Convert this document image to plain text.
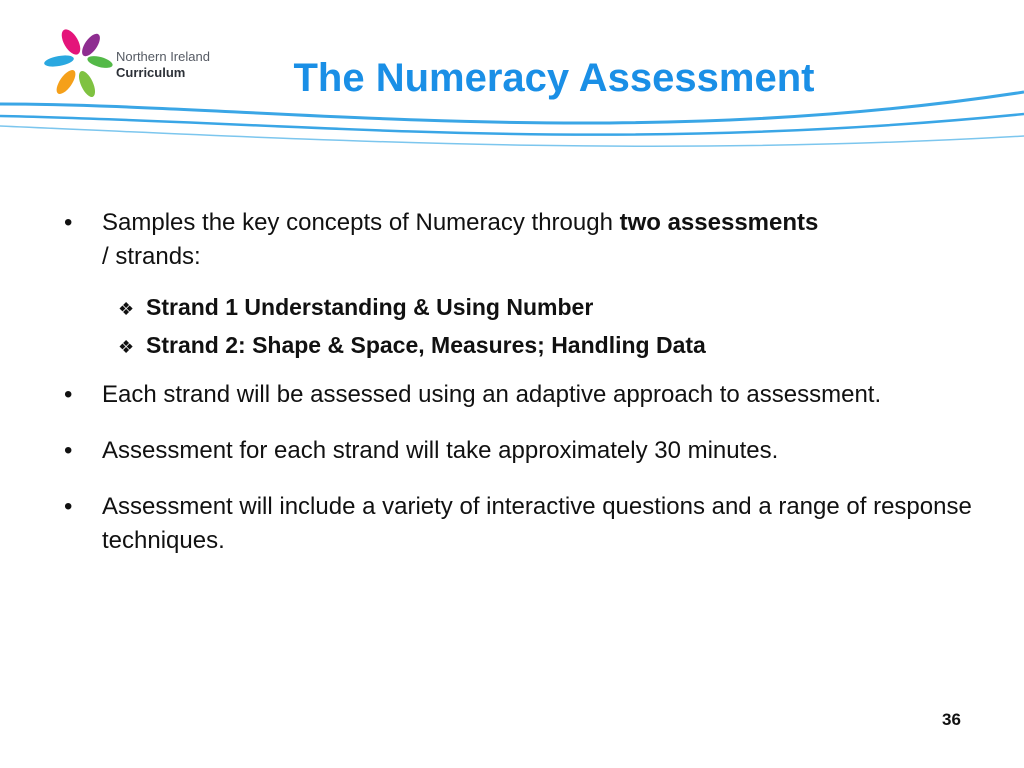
Northern Ireland
Curriculum	The Numeracy Assessment
• Samples the key concepts of Numeracy through two assessments
/ strands:
❖ Strand 1 Understanding & Using Number
❖ Strand 2: Shape & Space, Measures; Handling Data
• Each strand will be assessed using an adaptive approach to assessment.
• Assessment for each strand will take approximately 30 minutes.
• Assessment will include a variety of interactive questions and a range of response techniques.
36
